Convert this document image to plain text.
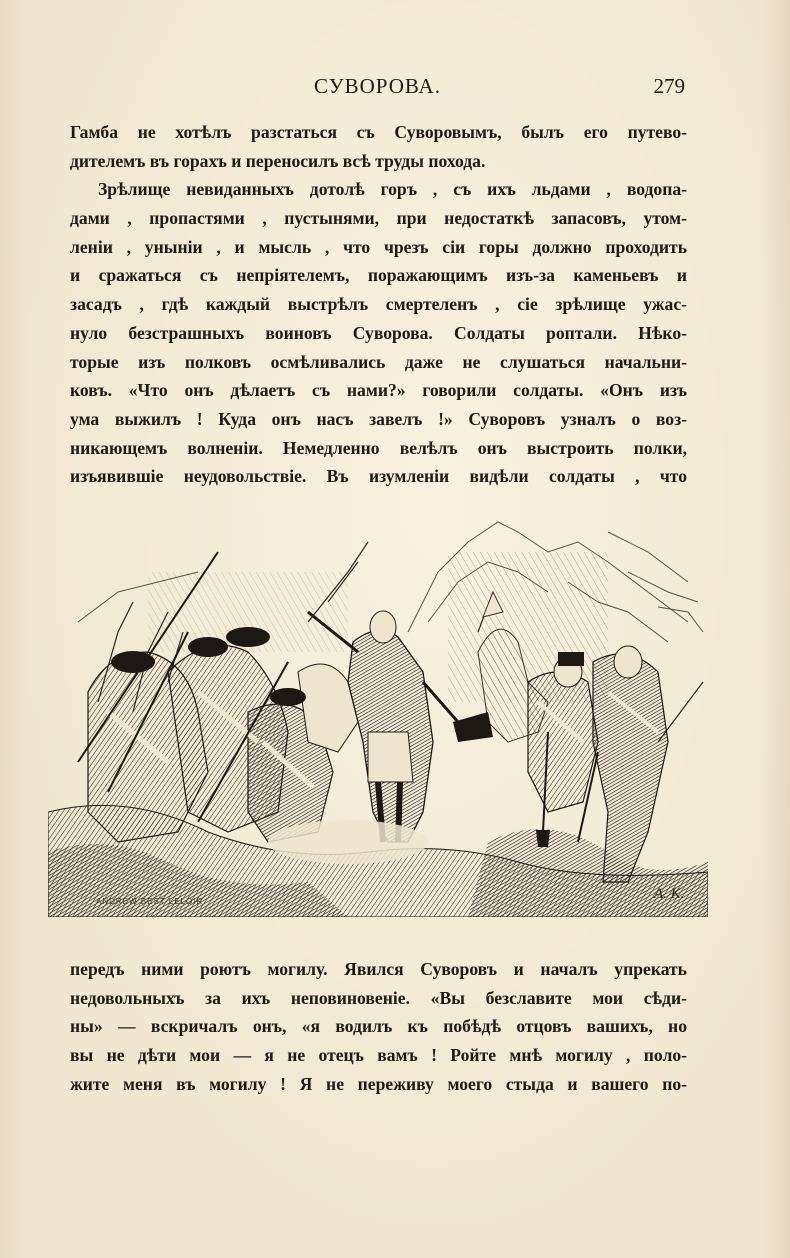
СУВОРОВА.	279
Гамба не хотѣлъ разстаться съ Суворовымъ, былъ его путево-
дителемъ въ горахъ и переносилъ всѣ труды похода.
Зрѣлище невиданныхъ дотолѣ горъ , съ ихъ льдами , водопа-
дами , пропастями , пустынями, при недостаткѣ запасовъ, утом-
леніи , уныніи , и мысль , что чрезъ сіи горы должно проходить
и сражаться съ непріятелемъ, поражающимъ изъ-за каменьевъ и
засадъ , гдѣ каждый выстрѣлъ смертеленъ , сіе зрѣлище ужас-
нуло безстрашныхъ воиновъ Суворова. Солдаты роптали. Нѣко-
торые изъ полковъ осмѣливались даже не слушаться начальни-
ковъ. «Что онъ дѣлаетъ съ нами?» говорили солдаты. «Онъ изъ
ума выжилъ ! Куда онъ насъ завелъ !» Суворовъ узналъ о воз-
никающемъ волненіи. Немедленно велѣлъ онъ выстроить полки,
изъявившіе неудовольствіе. Въ изумленіи видѣли солдаты , что
ANDREW BEST LELOIR	А. К.
передъ ними роютъ могилу. Явился Суворовъ и началъ упрекать
недовольныхъ за ихъ неповиновеніе. «Вы безславите мои сѣди-
ны» — вскричалъ онъ, «я водилъ къ побѣдѣ отцовъ вашихъ, но
вы не дѣти мои — я не отецъ вамъ ! Ройте мнѣ могилу , поло-
жите меня въ могилу ! Я не переживу моего стыда и вашего по-
